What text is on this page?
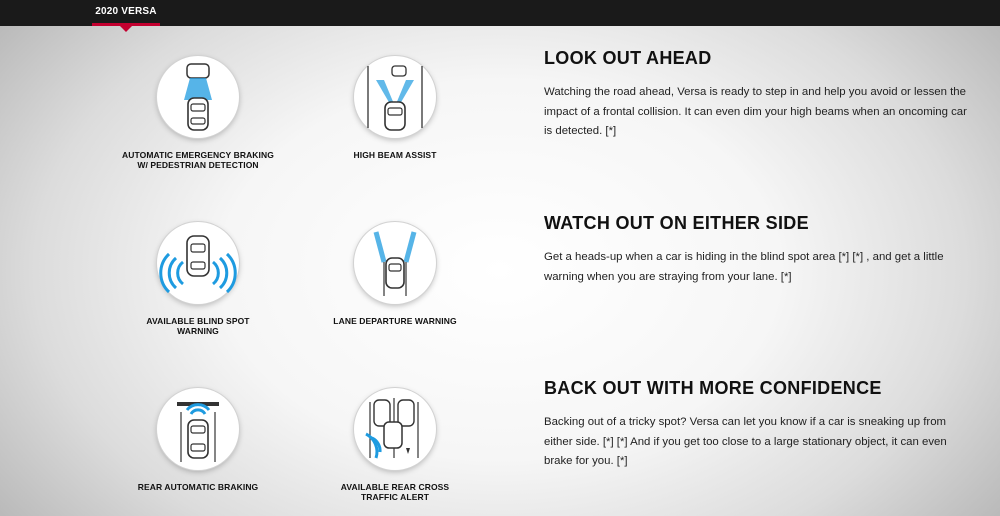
2020 VERSA
AUTOMATIC EMERGENCY BRAKING
W/ PEDESTRIAN DETECTION
HIGH BEAM ASSIST
AVAILABLE BLIND SPOT
WARNING
LANE DEPARTURE WARNING
REAR AUTOMATIC BRAKING	AVAILABLE REAR CROSS
TRAFFIC ALERT
LOOK OUT AHEAD

Watching the road ahead, Versa is ready to step in and help you avoid or lessen the impact of a frontal collision. It can even dim your high beams when an oncoming car is detected. [*]

WATCH OUT ON EITHER SIDE

Get a heads-up when a car is hiding in the blind spot area [*] [*] , and get a little warning when you are straying from your lane. [*]

BACK OUT WITH MORE CONFIDENCE

Backing out of a tricky spot? Versa can let you know if a car is sneaking up from either side. [*] [*] And if you get too close to a large stationary object, it can even brake for you. [*]
